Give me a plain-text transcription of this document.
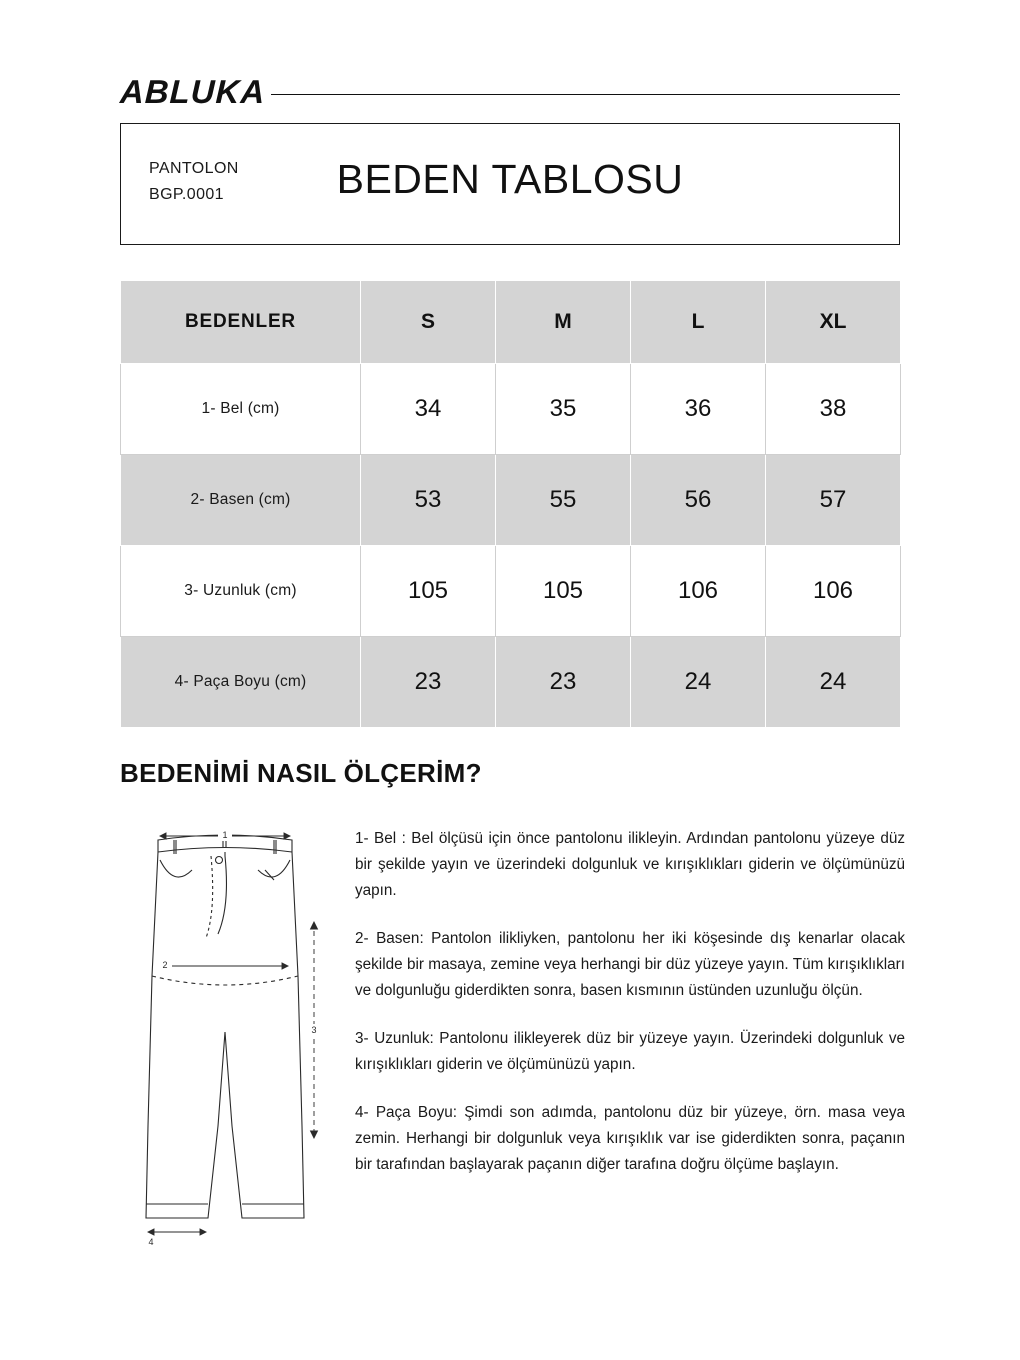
ABLUKA
PANTOLON
BGP.0001	BEDEN TABLOSU
BEDENLER	S	M	L	XL
1- Bel (cm)	34	35	36	38
2- Basen (cm)	53	55	56	57
3- Uzunluk (cm)	105	105	106	106
4- Paça Boyu (cm)	23	23	24	24
BEDENİMİ NASIL ÖLÇERİM?
1
2
3
4

1- Bel : Bel ölçüsü için önce pantolonu ilikleyin. Ardından pantolonu yüzeye düz bir şekilde yayın ve üzerindeki dolgunluk ve kırışıklıkları giderin ve ölçümünüzü yapın.

2- Basen: Pantolon ilikliyken, pantolonu her iki köşesinde dış kenarlar olacak şekilde bir masaya, zemine veya herhangi bir düz yüzeye yayın. Tüm kırışıklıkları ve dolgunluğu giderdikten sonra, basen kısmının üstünden uzunluğu ölçün.

3- Uzunluk: Pantolonu ilikleyerek düz bir yüzeye yayın. Üzerindeki dolgunluk ve kırışıklıkları giderin ve ölçümünüzü yapın.

4- Paça Boyu: Şimdi son adımda, pantolonu düz bir yüzeye, örn. masa veya zemin. Herhangi bir dolgunluk veya kırışıklık var ise giderdikten sonra, paçanın bir tarafından başlayarak paçanın diğer tarafına doğru ölçüme başlayın.
